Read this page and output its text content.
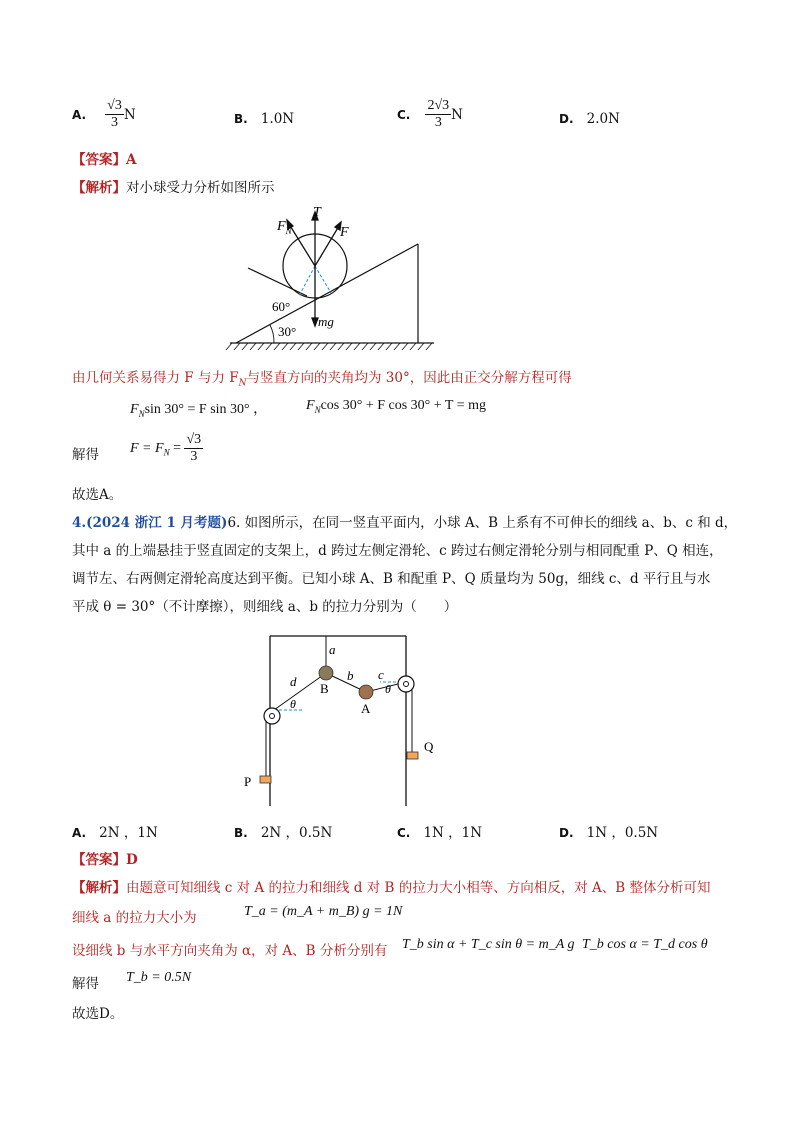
A. $\frac{√3}{3}$ N	B. 1.0N	C. $\frac{2√3}{3}$ N	D. 2.0N
【答案】A
【解析】对小球受力分析如图所示
$F_N$
T
F
60°
mg
30°
由几何关系易得力 F 与力 $F_N$与竖直方向的夹角均为 30°，因此由正交分解方程可得
$F_N\sin$ 30° = F sin 30° ，	$F_N\cos$ 30° + F cos 30° + T = mg
解得 $F = F_N = \frac{√3}{3}$
故选A。
4.(2024 浙江 1 月考题)6. 如图所示，在同一竖直平面内，小球 A、B 上系有不可伸长的细线 a、b、c 和 d，
其中 a 的上端悬挂于竖直固定的支架上，d 跨过左侧定滑轮、c 跨过右侧定滑轮分别与相同配重 P、Q 相连，
调节左、右两侧定滑轮高度达到平衡。已知小球 A、B 和配重 P、Q 质量均为 50g，细线 c、d 平行且与水
平成 θ = 30°（不计摩擦），则细线 a、b 的拉力分别为（　　）
a
d B
b c
θ	A
θ
Q
P
A. 2N ，1N	B. 2N ，0.5N	C. 1N ，1N	D. 1N ，0.5N
【答案】D
【解析】由题意可知细线 c 对 A 的拉力和细线 d 对 B 的拉力大小相等、方向相反，对 A、B 整体分析可知
细线 a 的拉力大小为	T_a = (m_A + m_B) g = 1N
设细线 b 与水平方向夹角为 α，对 A、B 分析分别有 T_b sin α + T_c sin θ = m_A g T_b cos α = T_d cos θ
解得 T_b = 0.5N
故选D。
